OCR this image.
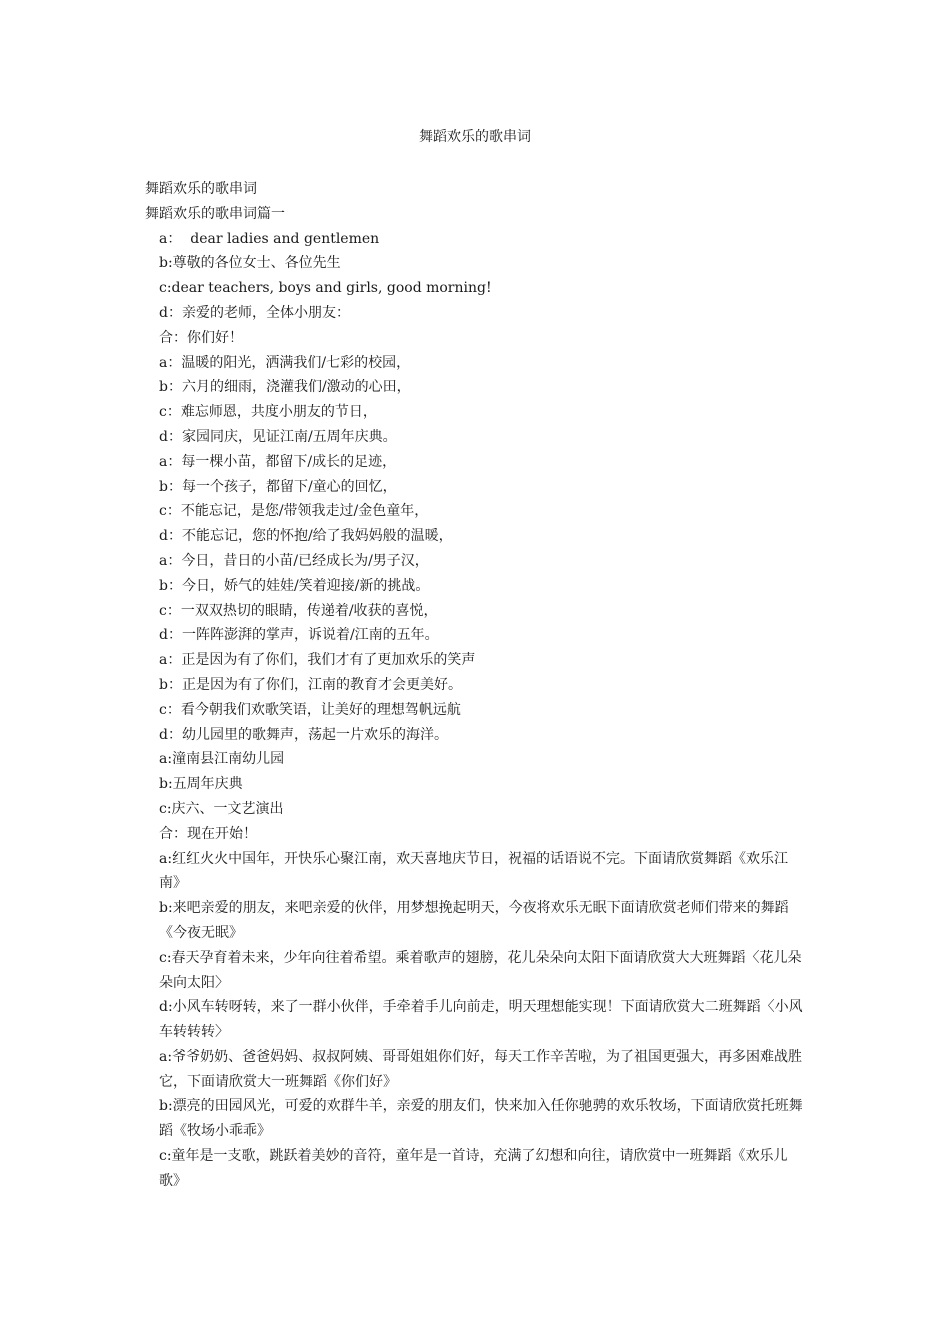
舞蹈欢乐的歌串词

舞蹈欢乐的歌串词

舞蹈欢乐的歌串词篇一

a：  dear ladies and gentlemen

b:尊敬的各位女士、各位先生

c:dear teachers, boys and girls, good morning!

d：亲爱的老师，全体小朋友：

合：你们好！

a：温暖的阳光，洒满我们/七彩的校园，

b：六月的细雨，浇灌我们/激动的心田，

c：难忘师恩，共度小朋友的节日，

d：家园同庆，见证江南/五周年庆典。

a：每一棵小苗，都留下/成长的足迹，

b：每一个孩子，都留下/童心的回忆，

c：不能忘记，是您/带领我走过/金色童年，

d：不能忘记，您的怀抱/给了我妈妈般的温暖，

a：今日，昔日的小苗/已经成长为/男子汉，

b：今日，娇气的娃娃/笑着迎接/新的挑战。

c：一双双热切的眼睛，传递着/收获的喜悦，

d：一阵阵澎湃的掌声，诉说着/江南的五年。

a：正是因为有了你们，我们才有了更加欢乐的笑声

b：正是因为有了你们，江南的教育才会更美好。

c：看今朝我们欢歌笑语，让美好的理想驾帆远航

d：幼儿园里的歌舞声，荡起一片欢乐的海洋。

a:潼南县江南幼儿园

b:五周年庆典

c:庆六、一文艺演出

合：现在开始！

a:红红火火中国年，开快乐心聚江南，欢天喜地庆节日，祝福的话语说不完。下面请欣赏舞蹈《欢乐江南》

b:来吧亲爱的朋友，来吧亲爱的伙伴，用梦想挽起明天，今夜将欢乐无眠下面请欣赏老师们带来的舞蹈《今夜无眠》

c:春天孕育着未来，少年向往着希望。乘着歌声的翅膀，花儿朵朵向太阳下面请欣赏大大班舞蹈〈花儿朵朵向太阳〉

d:小风车转呀转，来了一群小伙伴，手牵着手儿向前走，明天理想能实现！下面请欣赏大二班舞蹈〈小风车转转转〉

a:爷爷奶奶、爸爸妈妈、叔叔阿姨、哥哥姐姐你们好，每天工作辛苦啦，为了祖国更强大，再多困难战胜它，下面请欣赏大一班舞蹈《你们好》

b:漂亮的田园风光，可爱的欢群牛羊，亲爱的朋友们，快来加入任你驰骋的欢乐牧场，下面请欣赏托班舞蹈《牧场小乖乖》

c:童年是一支歌，跳跃着美妙的音符，童年是一首诗，充满了幻想和向往，请欣赏中一班舞蹈《欢乐儿歌》
